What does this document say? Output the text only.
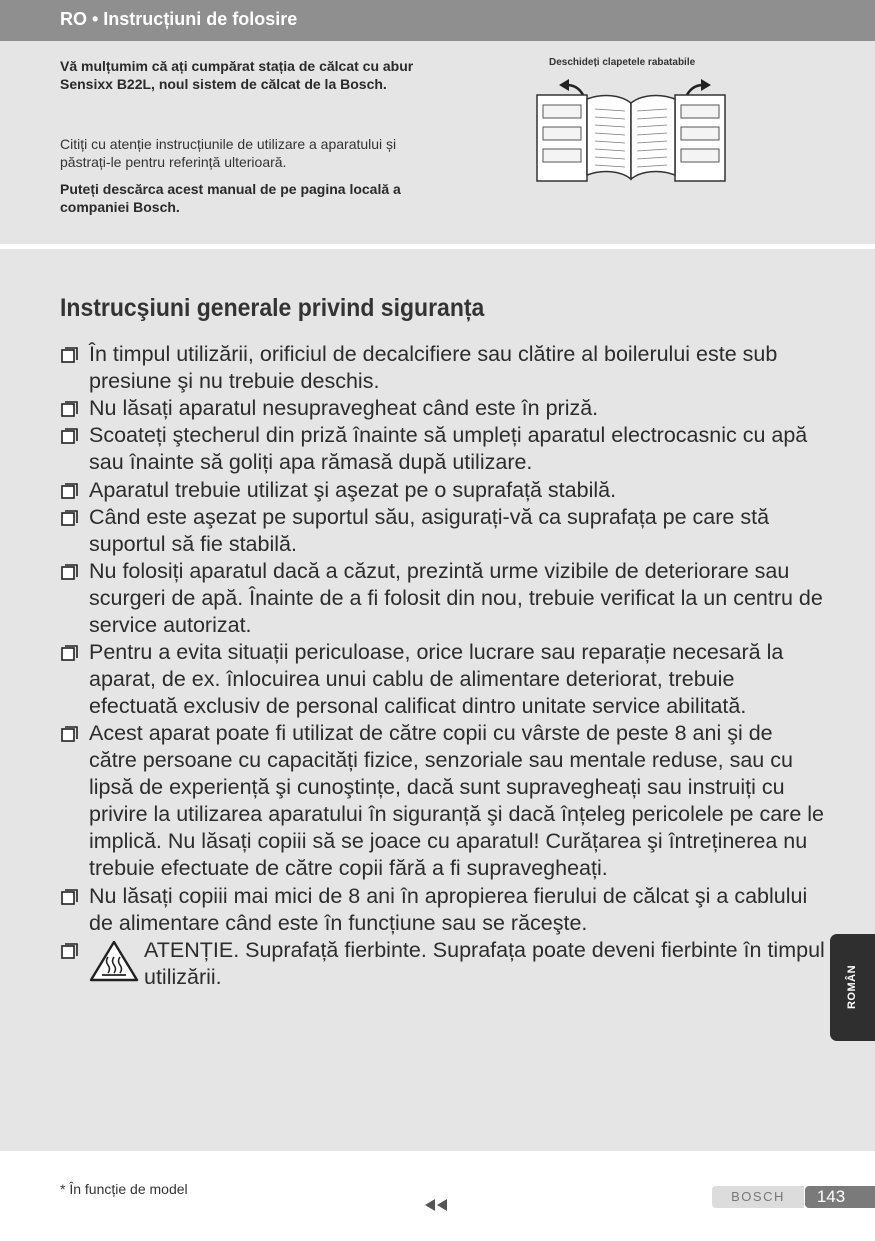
RO • Instrucțiuni de folosire

Vă mulțumim că ați cumpărat stația de călcat cu abur Sensixx B22L, noul sistem de călcat de la Bosch.

Citiți cu atenție instrucțiunile de utilizare a aparatului și păstrați-le pentru referință ulterioară.

Puteți descărca acest manual de pe pagina locală a companiei Bosch.

Deschideți clapetele rabatabile
Instrucşiuni generale privind siguranța
În timpul utilizării, orificiul de decalcifiere sau clătire al boilerului este sub presiune şi nu trebuie deschis.
Nu lăsați aparatul nesupravegheat când este în priză.
Scoateți ştecherul din priză înainte să umpleți aparatul electrocasnic cu apă sau înainte să goliți apa rămasă după utilizare.
Aparatul trebuie utilizat şi aşezat pe o suprafață stabilă.
Când este aşezat pe suportul său, asigurați-vă ca suprafața pe care stă suportul să fie stabilă.
Nu folosiți aparatul dacă a căzut, prezintă urme vizibile de deteriorare sau scurgeri de apă. Înainte de a fi folosit din nou, trebuie verificat la un centru de service autorizat.
Pentru a evita situații periculoase, orice lucrare sau reparație necesară la aparat, de ex. înlocuirea unui cablu de alimentare deteriorat, trebuie efectuată exclusiv de personal calificat dintro unitate service abilitată.
Acest aparat poate fi utilizat de către copii cu vârste de peste 8 ani şi de către persoane cu capacități fizice, senzoriale sau mentale reduse, sau cu lipsă de experiență şi cunoştințe, dacă sunt supravegheați sau instruiți cu privire la utilizarea aparatului în siguranță şi dacă înțeleg pericolele pe care le implică. Nu lăsați copiii să se joace cu aparatul! Curățarea şi întreținerea nu trebuie efectuate de către copii fără a fi supravegheați.
Nu lăsați copiii mai mici de 8 ani în apropierea fierului de călcat şi a cablului de alimentare când este în funcțiune sau se răceşte.
ATENȚIE. Suprafață fierbinte. Suprafața poate deveni fierbinte în timpul utilizării.	ROMÂN
* În funcție de model	BOSCH	143
